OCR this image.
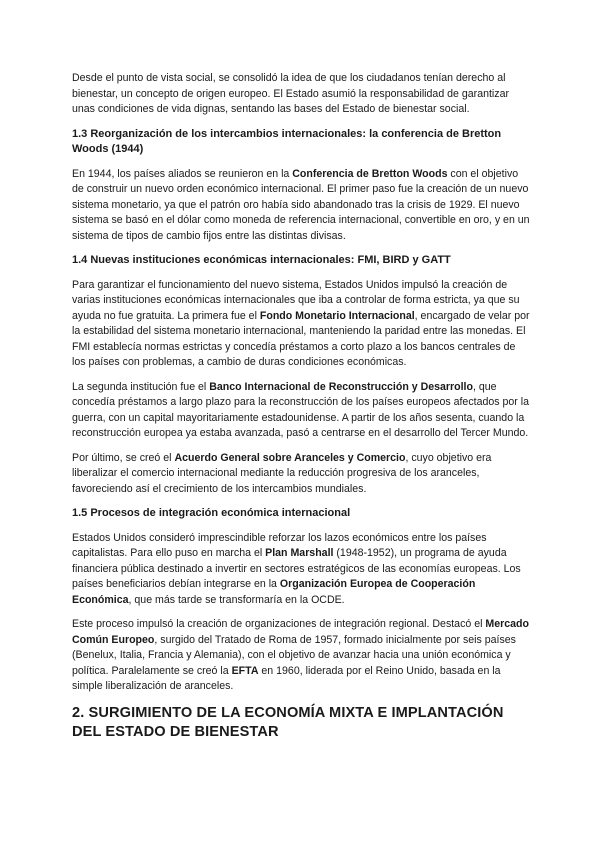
Desde el punto de vista social, se consolidó la idea de que los ciudadanos tenían derecho al bienestar, un concepto de origen europeo. El Estado asumió la responsabilidad de garantizar unas condiciones de vida dignas, sentando las bases del Estado de bienestar social.

1.3 Reorganización de los intercambios internacionales: la conferencia de Bretton Woods (1944)

En 1944, los países aliados se reunieron en la Conferencia de Bretton Woods con el objetivo de construir un nuevo orden económico internacional. El primer paso fue la creación de un nuevo sistema monetario, ya que el patrón oro había sido abandonado tras la crisis de 1929. El nuevo sistema se basó en el dólar como moneda de referencia internacional, convertible en oro, y en un sistema de tipos de cambio fijos entre las distintas divisas.

1.4 Nuevas instituciones económicas internacionales: FMI, BIRD y GATT

Para garantizar el funcionamiento del nuevo sistema, Estados Unidos impulsó la creación de varias instituciones económicas internacionales que iba a controlar de forma estricta, ya que su ayuda no fue gratuita. La primera fue el Fondo Monetario Internacional, encargado de velar por la estabilidad del sistema monetario internacional, manteniendo la paridad entre las monedas. El FMI establecía normas estrictas y concedía préstamos a corto plazo a los bancos centrales de los países con problemas, a cambio de duras condiciones económicas.

La segunda institución fue el Banco Internacional de Reconstrucción y Desarrollo, que concedía préstamos a largo plazo para la reconstrucción de los países europeos afectados por la guerra, con un capital mayoritariamente estadounidense. A partir de los años sesenta, cuando la reconstrucción europea ya estaba avanzada, pasó a centrarse en el desarrollo del Tercer Mundo.

Por último, se creó el Acuerdo General sobre Aranceles y Comercio, cuyo objetivo era liberalizar el comercio internacional mediante la reducción progresiva de los aranceles, favoreciendo así el crecimiento de los intercambios mundiales.

1.5 Procesos de integración económica internacional

Estados Unidos consideró imprescindible reforzar los lazos económicos entre los países capitalistas. Para ello puso en marcha el Plan Marshall (1948-1952), un programa de ayuda financiera pública destinado a invertir en sectores estratégicos de las economías europeas. Los países beneficiarios debían integrarse en la Organización Europea de Cooperación Económica, que más tarde se transformaría en la OCDE.

Este proceso impulsó la creación de organizaciones de integración regional. Destacó el Mercado Común Europeo, surgido del Tratado de Roma de 1957, formado inicialmente por seis países (Benelux, Italia, Francia y Alemania), con el objetivo de avanzar hacia una unión económica y política. Paralelamente se creó la EFTA en 1960, liderada por el Reino Unido, basada en la simple liberalización de aranceles.

2. SURGIMIENTO DE LA ECONOMÍA MIXTA E IMPLANTACIÓN DEL ESTADO DE BIENESTAR
